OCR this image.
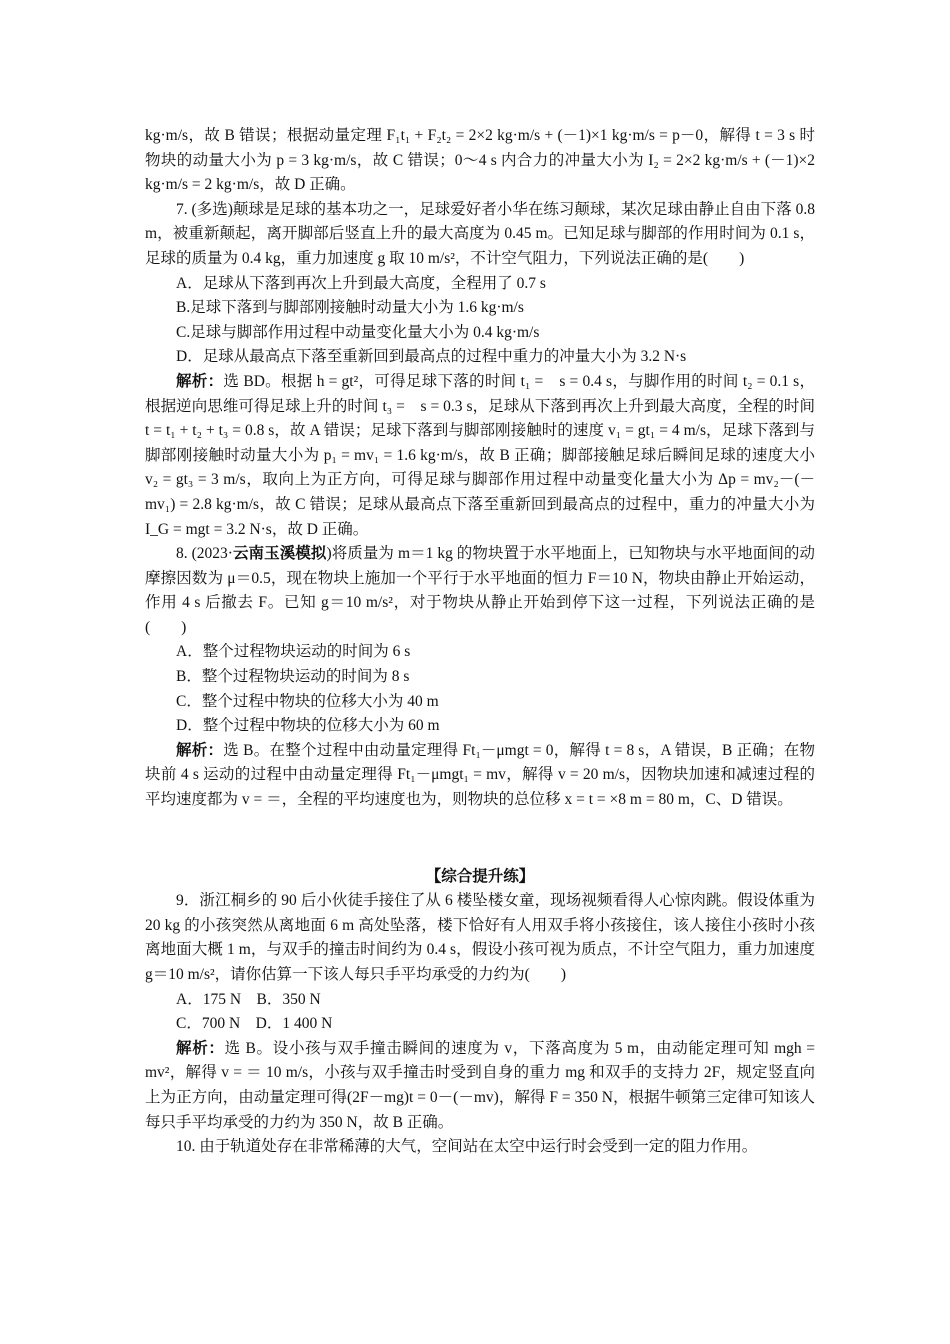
kg·m/s，故 B 错误；根据动量定理 F₁t₁ + F₂t₂ = 2×2 kg·m/s + (－1)×1 kg·m/s = p－0，解得 t = 3 s 时物块的动量大小为 p = 3 kg·m/s，故 C 错误；0～4 s 内合力的冲量大小为 I₂ = 2×2 kg·m/s + (－1)×2 kg·m/s = 2 kg·m/s，故 D 正确。

7. (多选)颠球是足球的基本功之一，足球爱好者小华在练习颠球，某次足球由静止自由下落 0.8 m，被重新颠起，离开脚部后竖直上升的最大高度为 0.45 m。已知足球与脚部的作用时间为 0.1 s，足球的质量为 0.4 kg，重力加速度 g 取 10 m/s²，不计空气阻力，下列说法正确的是(　　)

A．足球从下落到再次上升到最大高度，全程用了 0.7 s

B.足球下落到与脚部刚接触时动量大小为 1.6 kg·m/s

C.足球与脚部作用过程中动量变化量大小为 0.4 kg·m/s

D．足球从最高点下落至重新回到最高点的过程中重力的冲量大小为 3.2 N·s

解析：选 BD。根据 h = gt²，可得足球下落的时间 t₁ =　s = 0.4 s，与脚作用的时间 t₂ = 0.1 s，根据逆向思维可得足球上升的时间 t₃ =　s = 0.3 s，足球从下落到再次上升到最大高度，全程的时间 t = t₁ + t₂ + t₃ = 0.8 s，故 A 错误；足球下落到与脚部刚接触时的速度 v₁ = gt₁ = 4 m/s，足球下落到与脚部刚接触时动量大小为 p₁ = mv₁ = 1.6 kg·m/s，故 B 正确；脚部接触足球后瞬间足球的速度大小 v₂ = gt₃ = 3 m/s，取向上为正方向，可得足球与脚部作用过程中动量变化量大小为 Δp = mv₂－(－mv₁) = 2.8 kg·m/s，故 C 错误；足球从最高点下落至重新回到最高点的过程中，重力的冲量大小为 I_G = mgt = 3.2 N·s，故 D 正确。

8. (2023·云南玉溪模拟)将质量为 m＝1 kg 的物块置于水平地面上，已知物块与水平地面间的动摩擦因数为 μ＝0.5，现在物块上施加一个平行于水平地面的恒力 F＝10 N，物块由静止开始运动，作用 4 s 后撤去 F。已知 g＝10 m/s²，对于物块从静止开始到停下这一过程，下列说法正确的是(　　)

A．整个过程物块运动的时间为 6 s

B．整个过程物块运动的时间为 8 s

C．整个过程中物块的位移大小为 40 m

D．整个过程中物块的位移大小为 60 m

解析：选 B。在整个过程中由动量定理得 Ft₁－μmgt = 0，解得 t = 8 s，A 错误，B 正确；在物块前 4 s 运动的过程中由动量定理得 Ft₁－μmgt₁ = mv，解得 v = 20 m/s，因物块加速和减速过程的平均速度都为 v = ＝，全程的平均速度也为，则物块的总位移 x = t = ×8 m = 80 m，C、D 错误。

【综合提升练】

9．浙江桐乡的 90 后小伙徒手接住了从 6 楼坠楼女童，现场视频看得人心惊肉跳。假设体重为 20 kg 的小孩突然从离地面 6 m 高处坠落，楼下恰好有人用双手将小孩接住，该人接住小孩时小孩离地面大概 1 m，与双手的撞击时间约为 0.4 s，假设小孩可视为质点，不计空气阻力，重力加速度 g＝10 m/s²，请你估算一下该人每只手平均承受的力约为(　　)

A．175 N　B．350 N

C．700 N　D．1 400 N

解析：选 B。设小孩与双手撞击瞬间的速度为 v，下落高度为 5 m，由动能定理可知 mgh = mv²，解得 v = ＝ 10 m/s，小孩与双手撞击时受到自身的重力 mg 和双手的支持力 2F，规定竖直向上为正方向，由动量定理可得(2F－mg)t = 0－(－mv)，解得 F = 350 N，根据牛顿第三定律可知该人每只手平均承受的力约为 350 N，故 B 正确。

10. 由于轨道处存在非常稀薄的大气，空间站在太空中运行时会受到一定的阻力作用。
